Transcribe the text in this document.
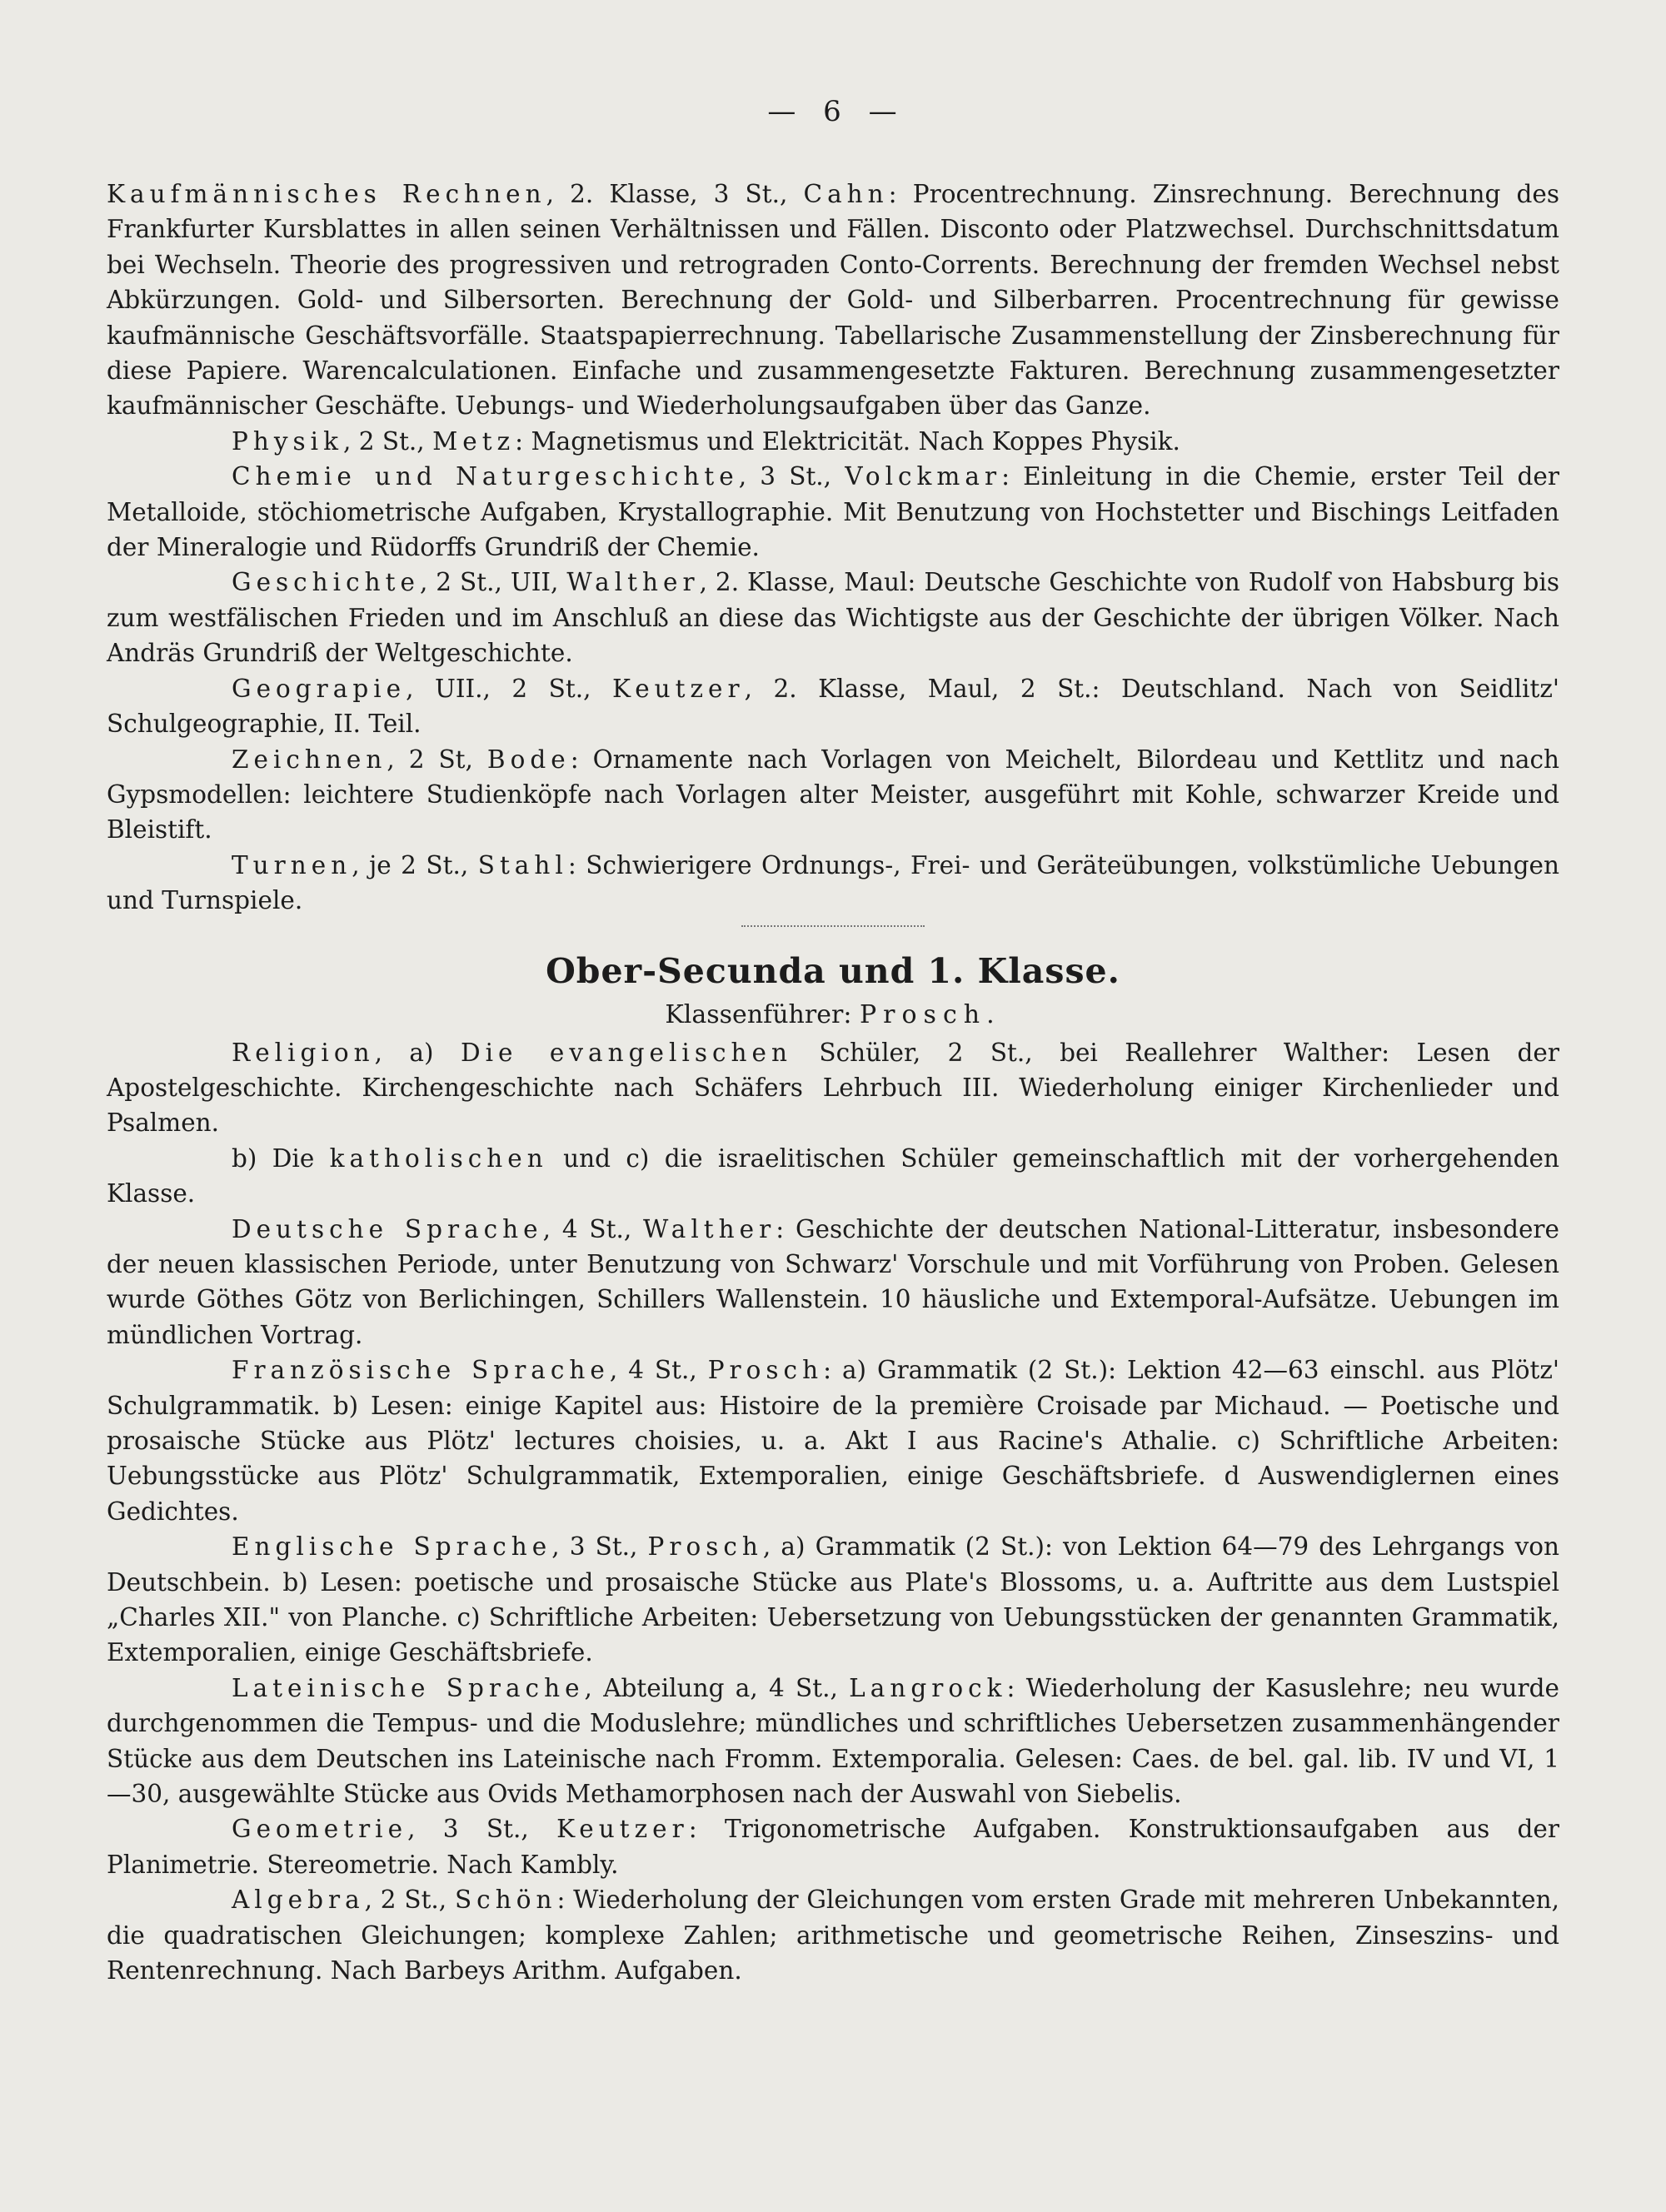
— 6 —

Kaufmännisches Rechnen, 2. Klasse, 3 St., Cahn: Procentrechnung. Zinsrechnung. Berechnung des Frankfurter Kursblattes in allen seinen Verhältnissen und Fällen. Disconto oder Platzwechsel. Durchschnittsdatum bei Wechseln. Theorie des progressiven und retrograden Conto-Corrents. Berechnung der fremden Wechsel nebst Abkürzungen. Gold- und Silbersorten. Berechnung der Gold- und Silberbarren. Procentrechnung für gewisse kaufmännische Geschäftsvorfälle. Staatspapierrechnung. Tabellarische Zusammenstellung der Zinsberechnung für diese Papiere. Warencalculationen. Einfache und zusammengesetzte Fakturen. Berechnung zusammengesetzter kaufmännischer Geschäfte. Uebungs- und Wiederholungsaufgaben über das Ganze.

Physik, 2 St., Metz: Magnetismus und Elektricität. Nach Koppes Physik.

Chemie und Naturgeschichte, 3 St., Volckmar: Einleitung in die Chemie, erster Teil der Metalloide, stöchiometrische Aufgaben, Krystallographie. Mit Benutzung von Hochstetter und Bischings Leitfaden der Mineralogie und Rüdorffs Grundriß der Chemie.

Geschichte, 2 St., UII, Walther, 2. Klasse, Maul: Deutsche Geschichte von Rudolf von Habsburg bis zum westfälischen Frieden und im Anschluß an diese das Wichtigste aus der Geschichte der übrigen Völker. Nach Andräs Grundriß der Weltgeschichte.

Geograpie, UII., 2 St., Keutzer, 2. Klasse, Maul, 2 St.: Deutschland. Nach von Seidlitz' Schulgeographie, II. Teil.

Zeichnen, 2 St, Bode: Ornamente nach Vorlagen von Meichelt, Bilordeau und Kettlitz und nach Gypsmodellen: leichtere Studienköpfe nach Vorlagen alter Meister, ausgeführt mit Kohle, schwarzer Kreide und Bleistift.

Turnen, je 2 St., Stahl: Schwierigere Ordnungs-, Frei- und Geräteübungen, volkstümliche Uebungen und Turnspiele.

Ober-Secunda und 1. Klasse.
Klassenführer: Prosch.

Religion, a) Die evangelischen Schüler, 2 St., bei Reallehrer Walther: Lesen der Apostelgeschichte. Kirchengeschichte nach Schäfers Lehrbuch III. Wiederholung einiger Kirchenlieder und Psalmen.

b) Die katholischen und c) die israelitischen Schüler gemeinschaftlich mit der vorhergehenden Klasse.

Deutsche Sprache, 4 St., Walther: Geschichte der deutschen National-Litteratur, insbesondere der neuen klassischen Periode, unter Benutzung von Schwarz' Vorschule und mit Vorführung von Proben. Gelesen wurde Göthes Götz von Berlichingen, Schillers Wallenstein. 10 häusliche und Extemporal-Aufsätze. Uebungen im mündlichen Vortrag.

Französische Sprache, 4 St., Prosch: a) Grammatik (2 St.): Lektion 42—63 einschl. aus Plötz' Schulgrammatik. b) Lesen: einige Kapitel aus: Histoire de la première Croisade par Michaud. — Poetische und prosaische Stücke aus Plötz' lectures choisies, u. a. Akt I aus Racine's Athalie. c) Schriftliche Arbeiten: Uebungsstücke aus Plötz' Schulgrammatik, Extemporalien, einige Geschäftsbriefe. d Auswendiglernen eines Gedichtes.

Englische Sprache, 3 St., Prosch, a) Grammatik (2 St.): von Lektion 64—79 des Lehrgangs von Deutschbein. b) Lesen: poetische und prosaische Stücke aus Plate's Blossoms, u. a. Auftritte aus dem Lustspiel „Charles XII." von Planche. c) Schriftliche Arbeiten: Uebersetzung von Uebungsstücken der genannten Grammatik, Extemporalien, einige Geschäftsbriefe.

Lateinische Sprache, Abteilung a, 4 St., Langrock: Wiederholung der Kasuslehre; neu wurde durchgenommen die Tempus- und die Moduslehre; mündliches und schriftliches Uebersetzen zusammenhängender Stücke aus dem Deutschen ins Lateinische nach Fromm. Extemporalia. Gelesen: Caes. de bel. gal. lib. IV und VI, 1—30, ausgewählte Stücke aus Ovids Methamorphosen nach der Auswahl von Siebelis.

Geometrie, 3 St., Keutzer: Trigonometrische Aufgaben. Konstruktionsaufgaben aus der Planimetrie. Stereometrie. Nach Kambly.

Algebra, 2 St., Schön: Wiederholung der Gleichungen vom ersten Grade mit mehreren Unbekannten, die quadratischen Gleichungen; komplexe Zahlen; arithmetische und geometrische Reihen, Zinseszins- und Rentenrechnung. Nach Barbeys Arithm. Aufgaben.
